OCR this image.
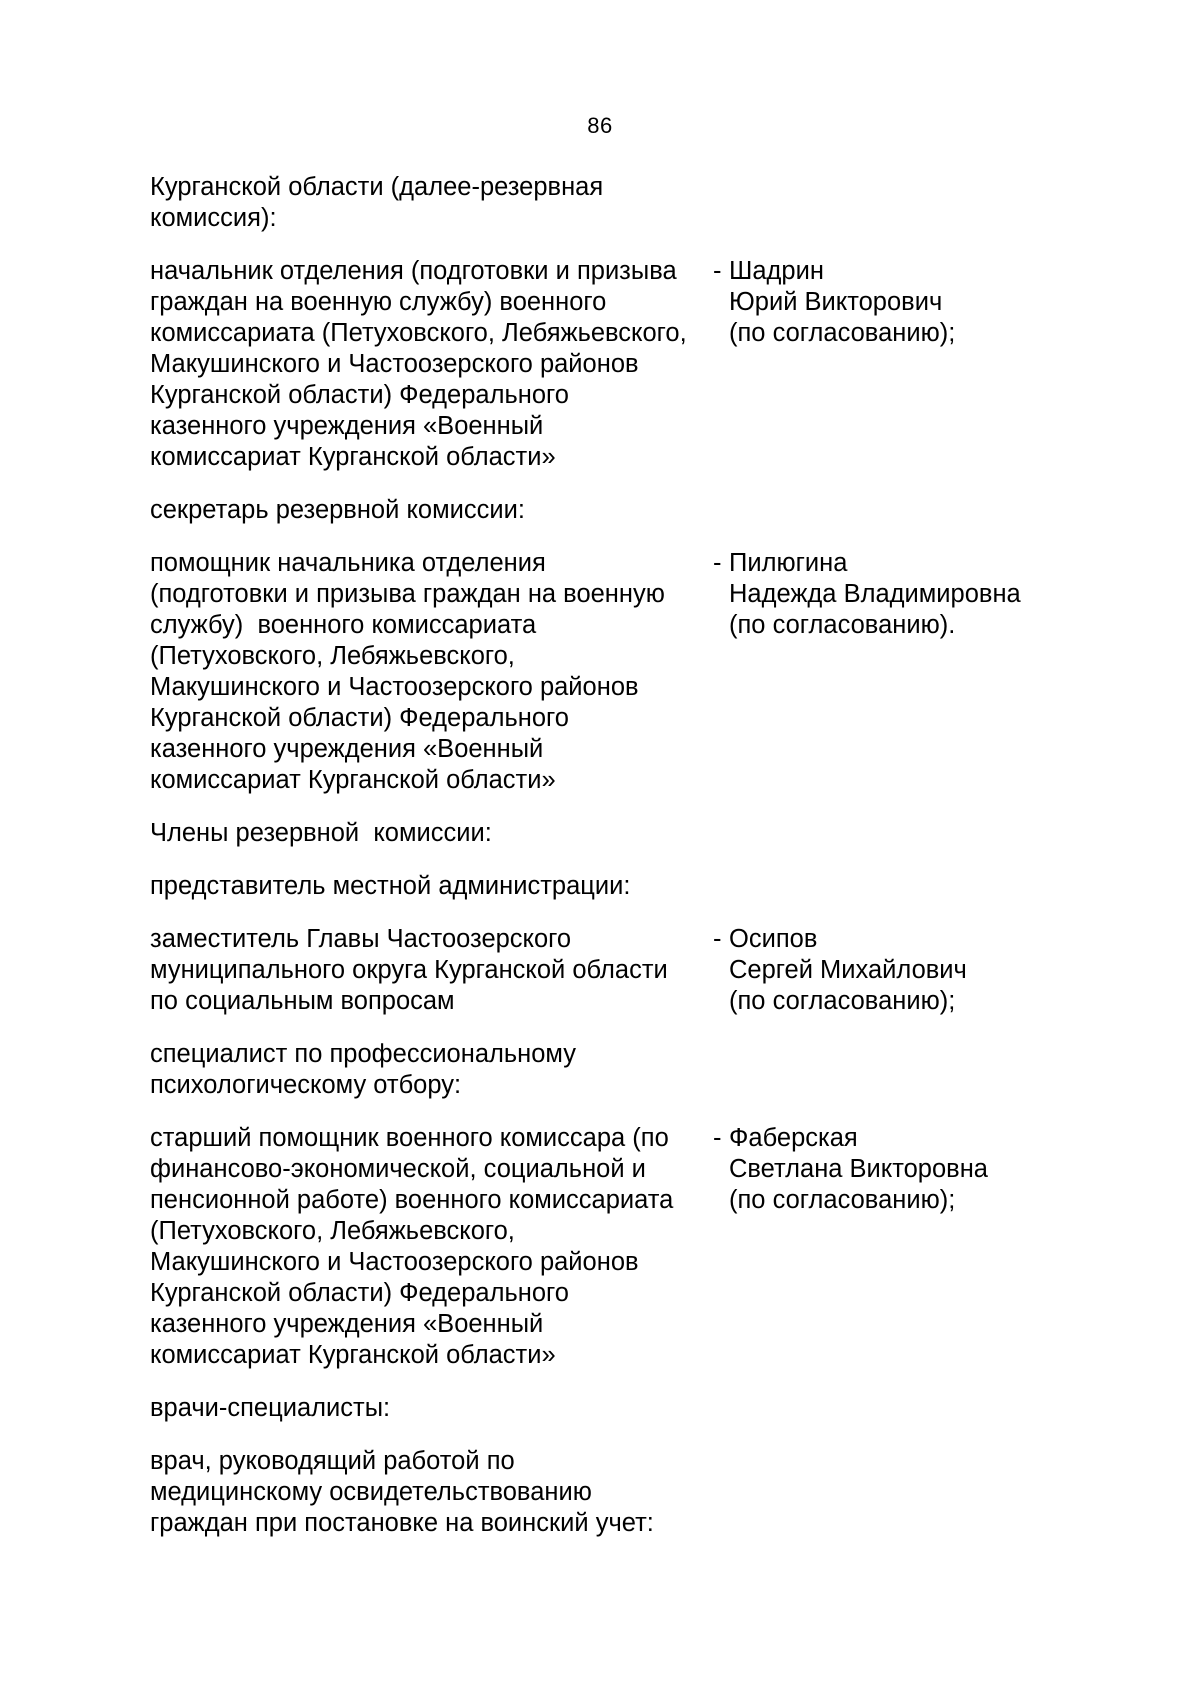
86
Курганской области (далее-резервная
комиссия):
начальник отделения (подготовки и призыва
граждан на военную службу) военного
комиссариата (Петуховского, Лебяжьевского,
Макушинского и Частоозерского районов
Курганской области) Федерального
казенного учреждения «Военный
комиссариат Курганской области»
- Шадрин
Юрий Викторович
(по согласованию);
секретарь резервной комиссии:
помощник начальника отделения
(подготовки и призыва граждан на военную
службу)  военного комиссариата
(Петуховского, Лебяжьевского,
Макушинского и Частоозерского районов
Курганской области) Федерального
казенного учреждения «Военный
комиссариат Курганской области»
- Пилюгина
Надежда Владимировна
(по согласованию).
Члены резервной  комиссии:
представитель местной администрации:
заместитель Главы Частоозерского
муниципального округа Курганской области
по социальным вопросам
- Осипов
Сергей Михайлович
(по согласованию);
специалист по профессиональному
психологическому отбору:
старший помощник военного комиссара (по
финансово-экономической, социальной и
пенсионной работе) военного комиссариата
(Петуховского, Лебяжьевского,
Макушинского и Частоозерского районов
Курганской области) Федерального
казенного учреждения «Военный
комиссариат Курганской области»
- Фаберская
Светлана Викторовна
(по согласованию);
врачи-специалисты:
врач, руководящий работой по
медицинскому освидетельствованию
граждан при постановке на воинский учет:
